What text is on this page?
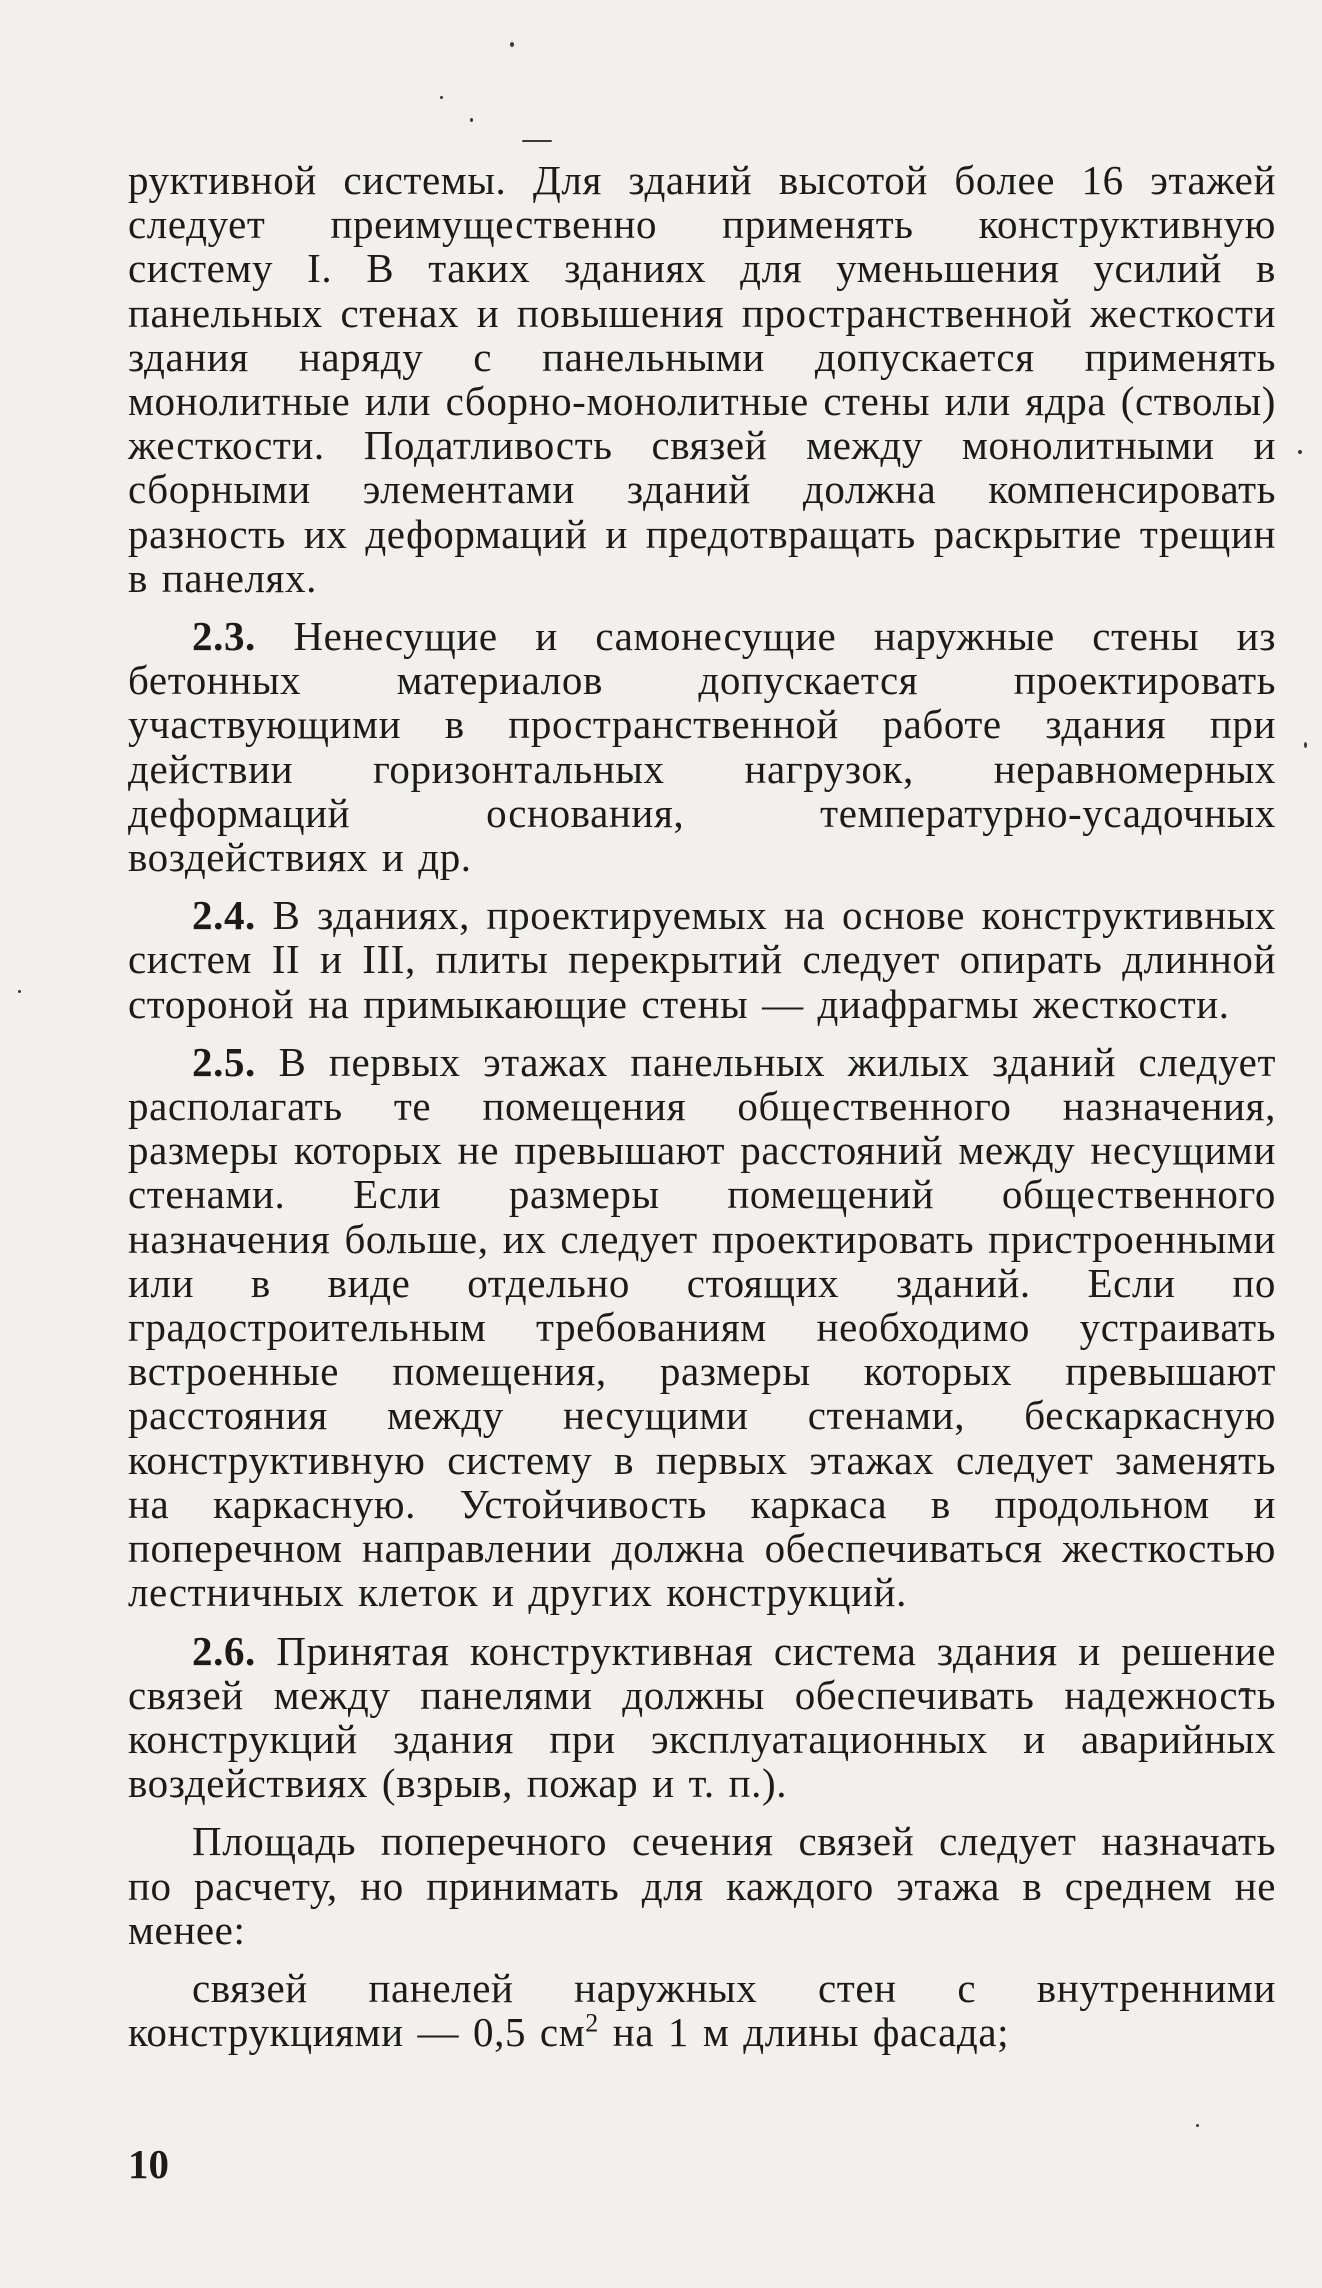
руктивной системы. Для зданий высотой более 16 этажей следует преимущественно применять конструктивную систему I. В таких зданиях для уменьшения усилий в панельных стенах и повышения пространственной жесткости здания наряду с панельными допускается применять монолитные или сборно-монолитные стены или ядра (стволы) жесткости. Податливость связей между монолитными и сборными элементами зданий должна компенсировать разность их деформаций и предотвращать раскрытие трещин в панелях.

2.3. Ненесущие и самонесущие наружные стены из бетонных материалов допускается проектировать участвующими в пространственной работе здания при действии горизонтальных нагрузок, неравномерных деформаций основания, температурно-усадочных воздействиях и др.

2.4. В зданиях, проектируемых на основе конструктивных систем II и III, плиты перекрытий следует опирать длинной стороной на примыкающие стены — диафрагмы жесткости.

2.5. В первых этажах панельных жилых зданий следует располагать те помещения общественного назначения, размеры которых не превышают расстояний между несущими стенами. Если размеры помещений общественного назначения больше, их следует проектировать пристроенными или в виде отдельно стоящих зданий. Если по градостроительным требованиям необходимо устраивать встроенные помещения, размеры которых превышают расстояния между несущими стенами, бескаркасную конструктивную систему в первых этажах следует заменять на каркасную. Устойчивость каркаса в продольном и поперечном направлении должна обеспечиваться жесткостью лестничных клеток и других конструкций.

2.6. Принятая конструктивная система здания и решение связей между панелями должны обеспечивать надежность конструкций здания при эксплуатационных и аварийных воздействиях (взрыв, пожар и т. п.).

Площадь поперечного сечения связей следует назначать по расчету, но принимать для каждого этажа в среднем не менее:

связей панелей наружных стен с внутренними конструкциями — 0,5 $см^2$ на 1 м длины фасада;

10
